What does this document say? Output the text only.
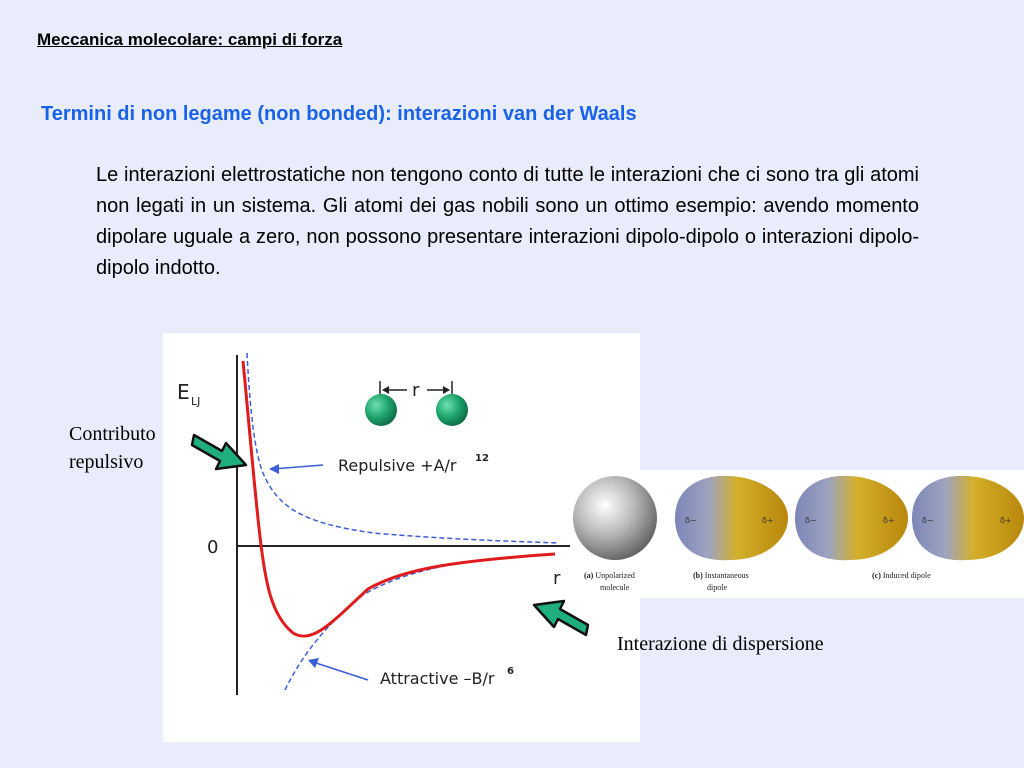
Meccanica molecolare: campi di forza
Termini di non legame (non bonded): interazioni van der Waals
Le interazioni elettrostatiche non tengono conto di tutte le interazioni che ci sono tra gli atomi non legati in un sistema. Gli atomi dei gas nobili sono un ottimo esempio: avendo momento dipolare uguale a zero, non possono presentare interazioni dipolo-dipolo o interazioni dipolo-dipolo indotto.
E LJ
0
r
r
Repulsive +A/r 12
Attractive –B/r 6
δ−	δ+	δ−	δ+	δ−	δ+
(a) Unpolarized
molecule
(b) Instantaneous
dipole
(c) Induced dipole
Contributo
repulsivo
Interazione di dispersione
